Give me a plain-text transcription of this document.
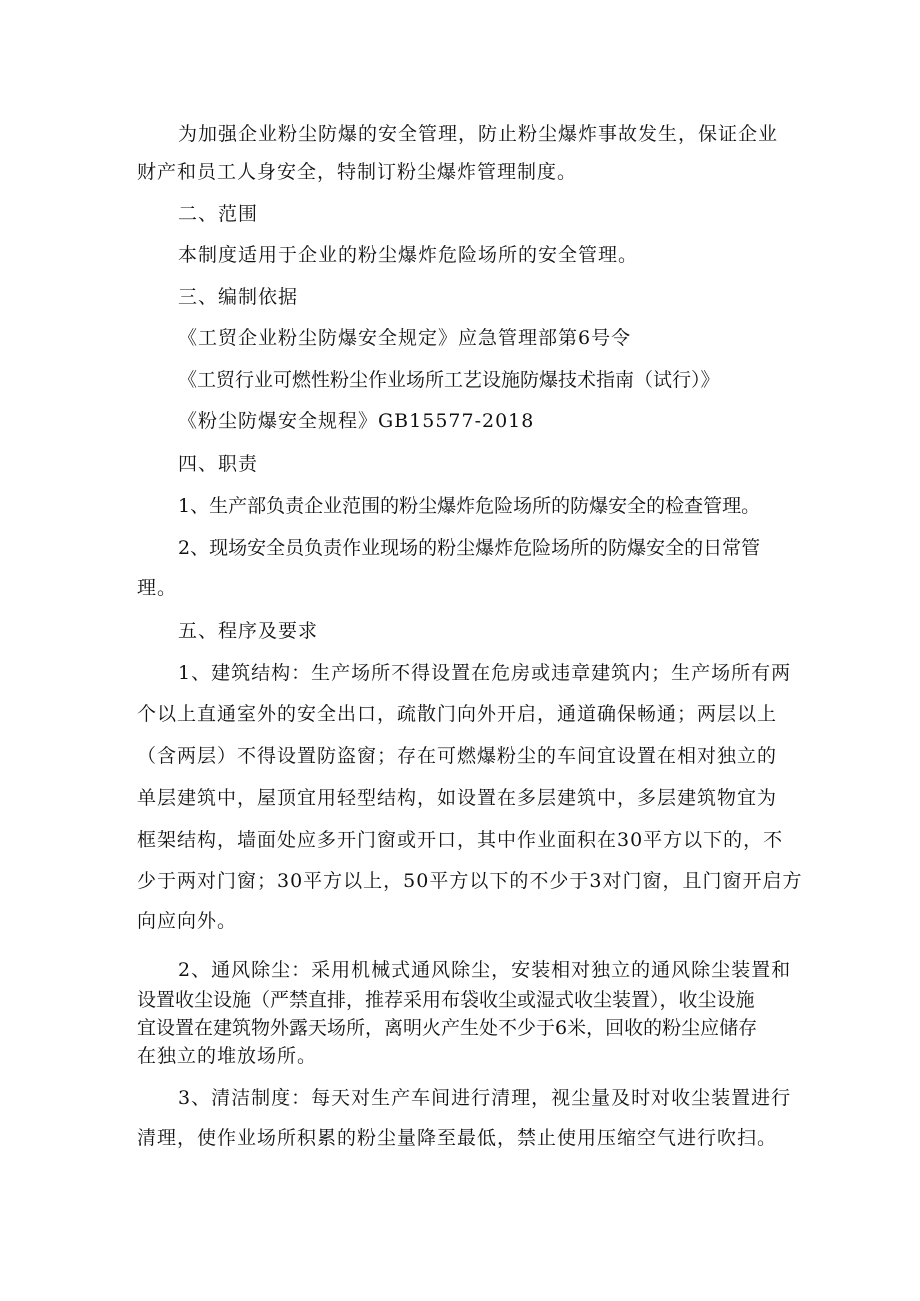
为加强企业粉尘防爆的安全管理，防止粉尘爆炸事故发生，保证企业

财产和员工人身安全，特制订粉尘爆炸管理制度。

二、范围

本制度适用于企业的粉尘爆炸危险场所的安全管理。

三、编制依据

《工贸企业粉尘防爆安全规定》应急管理部第6号令

《工贸行业可燃性粉尘作业场所工艺设施防爆技术指南（试行）》

《粉尘防爆安全规程》GB15577-2018

四、职责

1、生产部负责企业范围的粉尘爆炸危险场所的防爆安全的检查管理。

2、现场安全员负责作业现场的粉尘爆炸危险场所的防爆安全的日常管

理。

五、程序及要求

1、建筑结构：生产场所不得设置在危房或违章建筑内；生产场所有两

个以上直通室外的安全出口，疏散门向外开启，通道确保畅通；两层以上

（含两层）不得设置防盗窗；存在可燃爆粉尘的车间宜设置在相对独立的

单层建筑中，屋顶宜用轻型结构，如设置在多层建筑中，多层建筑物宜为

框架结构，墙面处应多开门窗或开口，其中作业面积在30平方以下的，不

少于两对门窗；30平方以上，50平方以下的不少于3对门窗，且门窗开启方

向应向外。

2、通风除尘：采用机械式通风除尘，安装相对独立的通风除尘装置和

设置收尘设施（严禁直排，推荐采用布袋收尘或湿式收尘装置），收尘设施

宜设置在建筑物外露天场所，离明火产生处不少于6米，回收的粉尘应储存

在独立的堆放场所。

3、清洁制度：每天对生产车间进行清理，视尘量及时对收尘装置进行

清理，使作业场所积累的粉尘量降至最低，禁止使用压缩空气进行吹扫。
